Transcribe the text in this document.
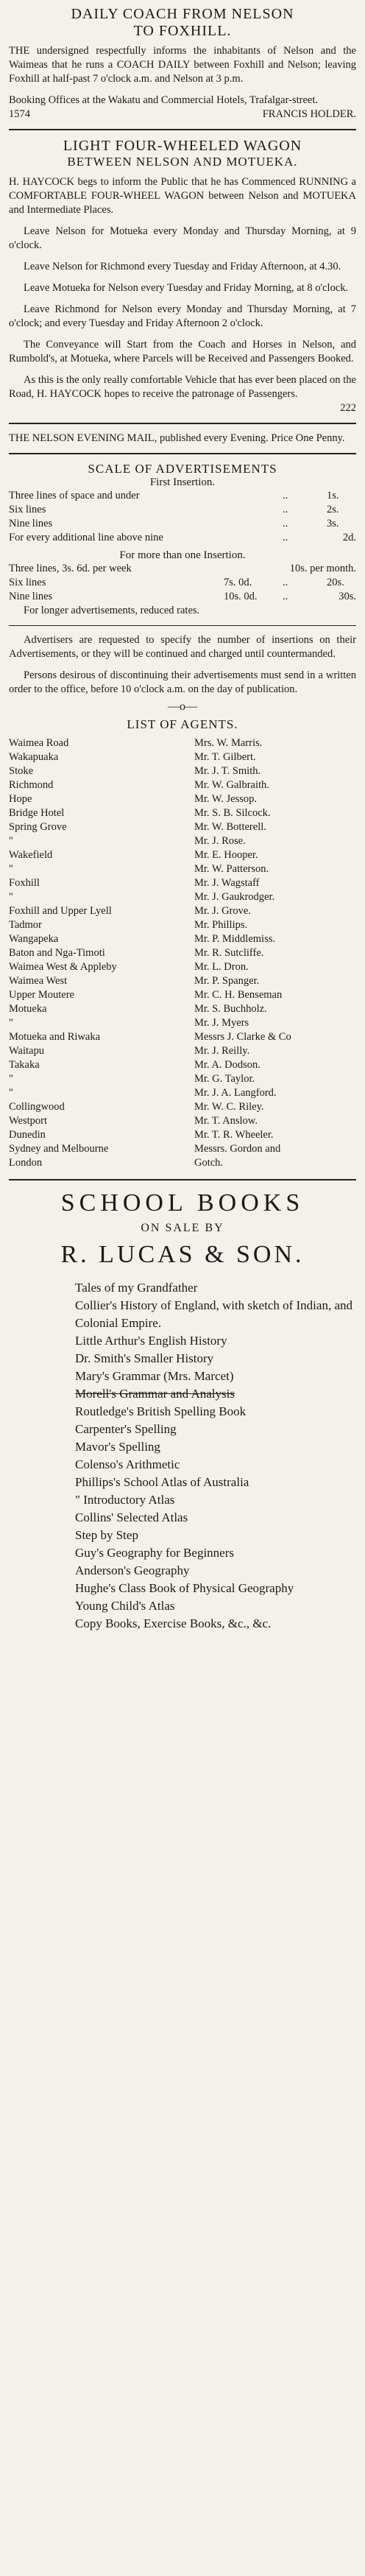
DAILY COACH FROM NELSON
TO FOXHILL.

THE undersigned respectfully informs the inhabitants of Nelson and the Waimeas that he runs a COACH DAILY between Foxhill and Nelson; leaving Foxhill at half-past 7 o'clock a.m. and Nelson at 3 p.m.

Booking Offices at the Wakatu and Commercial Hotels, Trafalgar-street.

1574	FRANCIS HOLDER.
LIGHT FOUR-WHEELED WAGON
BETWEEN NELSON AND MOTUEKA.

H. HAYCOCK begs to inform the Public that he has Commenced RUNNING a COMFORTABLE FOUR-WHEEL WAGON between Nelson and MOTUEKA and Intermediate Places.

Leave Nelson for Motueka every Monday and Thursday Morning, at 9 o'clock.

Leave Nelson for Richmond every Tuesday and Friday Afternoon, at 4.30.

Leave Motueka for Nelson every Tuesday and Friday Morning, at 8 o'clock.

Leave Richmond for Nelson every Monday and Thursday Morning, at 7 o'clock; and every Tuesday and Friday Afternoon 2 o'clock.

The Conveyance will Start from the Coach and Horses in Nelson, and Rumbold's, at Motueka, where Parcels will be Received and Passengers Booked.

As this is the only really comfortable Vehicle that has ever been placed on the Road, H. HAYCOCK hopes to receive the patronage of Passengers.

222

THE NELSON EVENING MAIL, published every Evening. Price One Penny.

SCALE OF ADVERTISEMENTS
First Insertion.
Three lines of space and under	..	1s.
Six lines	..	2s.
Nine lines	..	3s.
For every additional line above nine	..	2d.
For more than one Insertion.
Three lines, 3s. 6d. per week	10s. per month.
Six lines	7s. 0d.	..	20s.
Nine lines	10s. 0d.	..	30s.

For longer advertisements, reduced rates.

Advertisers are requested to specify the number of insertions on their Advertisements, or they will be continued and charged until countermanded.

Persons desirous of discontinuing their advertisements must send in a written order to the office, before 10 o'clock a.m. on the day of publication.

—o—
LIST OF AGENTS.
Waimea Road	Mrs. W. Marris.
Wakapuaka	Mr. T. Gilbert.
Stoke	Mr. J. T. Smith.
Richmond	Mr. W. Galbraith.
Hope	Mr. W. Jessop.
Bridge Hotel	Mr. S. B. Silcock.
Spring Grove	Mr. W. Botterell.
"	Mr. J. Rose.
Wakefield	Mr. E. Hooper.
"	Mr. W. Patterson.
Foxhill	Mr. J. Wagstaff
"	Mr. J. Gaukrodger.
Foxhill and Upper Lyell	Mr. J. Grove.
Tadmor	Mr. Phillips.
Wangapeka	Mr. P. Middlemiss.
Baton and Nga-Timoti	Mr. R. Sutcliffe.
Waimea West & Appleby	Mr. L. Dron.
Waimea West	Mr. P. Spanger.
Upper Moutere	Mr. C. H. Benseman
Motueka	Mr. S. Buchholz.
"	Mr. J. Myers
Motueka and Riwaka	Messrs J. Clarke & Co
Waitapu	Mr. J. Reilly.
Takaka	Mr. A. Dodson.
"	Mr. G. Taylor.
"	Mr. J. A. Langford.
Collingwood	Mr. W. C. Riley.
Westport	Mr. T. Anslow.
Dunedin	Mr. T. R. Wheeler.
Sydney and Melbourne	Messrs. Gordon and
London	Gotch.
SCHOOL BOOKS
ON SALE BY
R. LUCAS & SON.
Tales of my Grandfather
Collier's History of England, with sketch of Indian, and Colonial Empire.
Little Arthur's English History
Dr. Smith's Smaller History
Mary's Grammar (Mrs. Marcet)
Morell's Grammar and Analysis
Routledge's British Spelling Book
Carpenter's Spelling
Mavor's Spelling
Colenso's Arithmetic
Phillips's School Atlas of Australia
" Introductory Atlas
Collins' Selected Atlas
Step by Step
Guy's Geography for Beginners
Anderson's Geography
Hughe's Class Book of Physical Geography
Young Child's Atlas
Copy Books, Exercise Books, &c., &c.
